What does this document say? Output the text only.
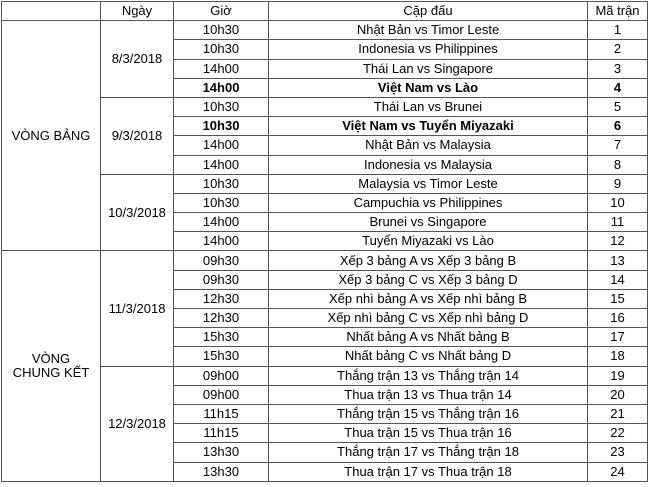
	Ngày	Giờ	Cặp đấu	Mã trận

VÒNG BẢNG	8/3/2018	10h30	Nhật Bản vs Timor Leste	1
		10h30	Indonesia vs Philippines	2
		14h00	Thái Lan vs Singapore	3
		14h00	Việt Nam vs Lào	4
	9/3/2018	10h30	Thái Lan vs Brunei	5
		10h30	Việt Nam vs Tuyển Miyazaki	6
		14h00	Nhật Bản vs Malaysia	7
		14h00	Indonesia vs Malaysia	8
	10/3/2018	10h30	Malaysia vs Timor Leste	9
		10h30	Campuchia vs Philippines	10
		14h00	Brunei vs Singapore	11
		14h00	Tuyển Miyazaki vs Lào	12

VÒNG
CHUNG KẾT	11/3/2018	09h30	Xếp 3 bảng A vs Xếp 3 bảng B	13
		09h30	Xếp 3 bảng C vs Xếp 3 bảng D	14
		12h30	Xếp nhì bảng A vs Xếp nhì bảng B	15
		12h30	Xếp nhì bảng C vs Xếp nhì bảng D	16
		15h30	Nhất bảng A vs Nhất bảng B	17
		15h30	Nhất bảng C vs Nhất bảng D	18
	12/3/2018	09h00	Thắng trận 13 vs Thắng trận 14	19
		09h00	Thua trận 13 vs Thua trận 14	20
		11h15	Thắng trận 15 vs Thắng trận 16	21
		11h15	Thua trận 15 vs Thua trận 16	22
		13h30	Thắng trận 17 vs Thắng trận 18	23
		13h30	Thua trận 17 vs Thua trận 18	24
